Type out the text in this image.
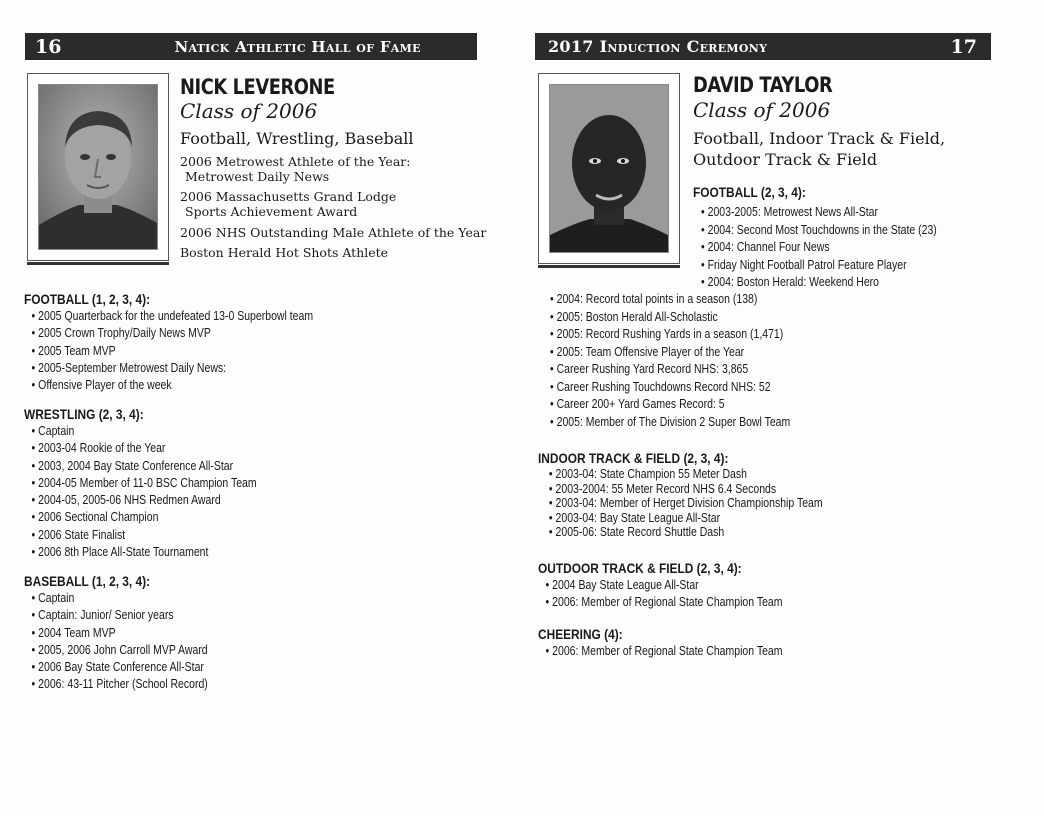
16	Natick Athletic Hall of Fame	2017 Induction Ceremony	17
NICK LEVERONE
Class of 2006
Football, Wrestling, Baseball
2006 Metrowest Athlete of the Year:
Metrowest Daily News
2006 Massachusetts Grand Lodge
Sports Achievement Award
2006 NHS Outstanding Male Athlete of the Year
Boston Herald Hot Shots Athlete
FOOTBALL (1, 2, 3, 4):
• 2005 Quarterback for the undefeated 13-0 Superbowl team
• 2005 Crown Trophy/Daily News MVP
• 2005 Team MVP
• 2005-September Metrowest Daily News:
• Offensive Player of the week
WRESTLING (2, 3, 4):
• Captain
• 2003-04 Rookie of the Year
• 2003, 2004 Bay State Conference All-Star
• 2004-05 Member of 11-0 BSC Champion Team
• 2004-05, 2005-06 NHS Redmen Award
• 2006 Sectional Champion
• 2006 State Finalist
• 2006 8th Place All-State Tournament
BASEBALL (1, 2, 3, 4):
• Captain
• Captain: Junior/ Senior years
• 2004 Team MVP
• 2005, 2006 John Carroll MVP Award
• 2006 Bay State Conference All-Star
• 2006: 43-11 Pitcher (School Record)
DAVID TAYLOR
Class of 2006
Football, Indoor Track & Field,
Outdoor Track & Field
FOOTBALL (2, 3, 4):
• 2003-2005: Metrowest News All-Star
• 2004: Second Most Touchdowns in the State (23)
• 2004: Channel Four News
• Friday Night Football Patrol Feature Player
• 2004: Boston Herald: Weekend Hero
• 2004: Record total points in a season (138)
• 2005: Boston Herald All-Scholastic
• 2005: Record Rushing Yards in a season (1,471)
• 2005: Team Offensive Player of the Year
• Career Rushing Yard Record NHS: 3,865
• Career Rushing Touchdowns Record NHS: 52
• Career 200+ Yard Games Record: 5
• 2005: Member of The Division 2 Super Bowl Team
INDOOR TRACK & FIELD (2, 3, 4):
• 2003-04: State Champion 55 Meter Dash
• 2003-2004: 55 Meter Record NHS 6.4 Seconds
• 2003-04: Member of Herget Division Championship Team
• 2003-04: Bay State League All-Star
• 2005-06: State Record Shuttle Dash
OUTDOOR TRACK & FIELD (2, 3, 4):
• 2004 Bay State League All-Star
• 2006: Member of Regional State Champion Team
CHEERING (4):
• 2006: Member of Regional State Champion Team
